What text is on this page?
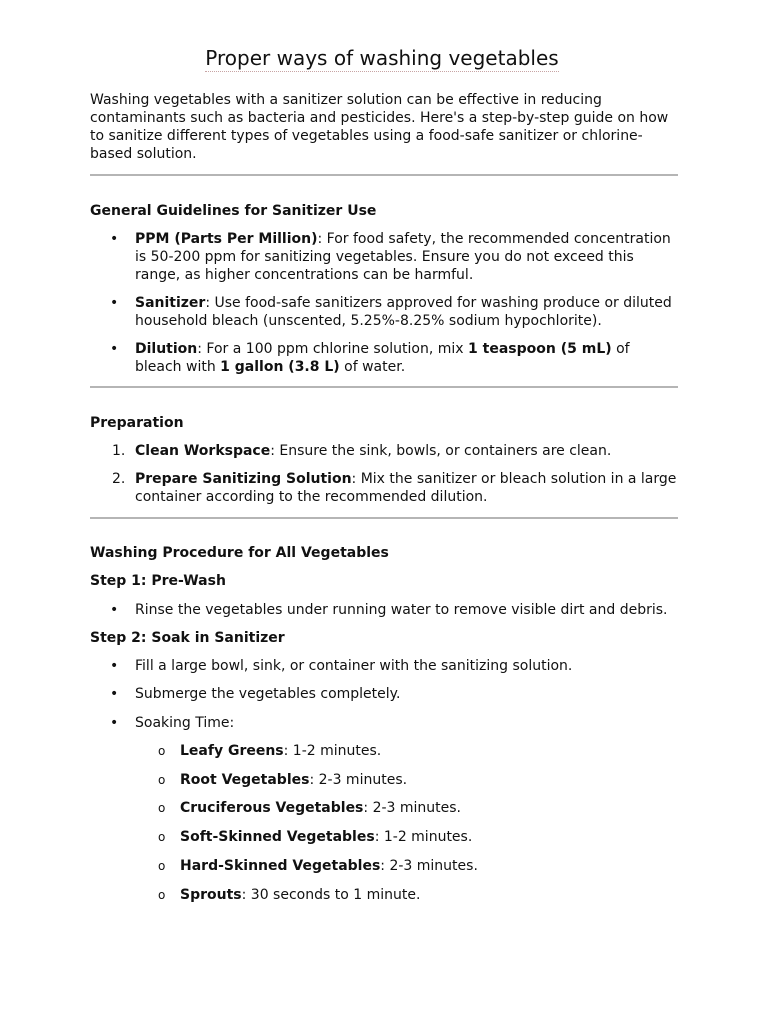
Proper ways of washing vegetables

Washing vegetables with a sanitizer solution can be effective in reducing contaminants such as bacteria and pesticides. Here's a step-by-step guide on how to sanitize different types of vegetables using a food-safe sanitizer or chlorine-based solution.

General Guidelines for Sanitizer Use
•	PPM (Parts Per Million): For food safety, the recommended concentration is 50-200 ppm for sanitizing vegetables. Ensure you do not exceed this range, as higher concentrations can be harmful.
•	Sanitizer: Use food-safe sanitizers approved for washing produce or diluted household bleach (unscented, 5.25%-8.25% sodium hypochlorite).
•	Dilution: For a 100 ppm chlorine solution, mix 1 teaspoon (5 mL) of bleach with 1 gallon (3.8 L) of water.
Preparation
1. Clean Workspace: Ensure the sink, bowls, or containers are clean.
2. Prepare Sanitizing Solution: Mix the sanitizer or bleach solution in a large container according to the recommended dilution.
Washing Procedure for All Vegetables
Step 1: Pre-Wash
•	Rinse the vegetables under running water to remove visible dirt and debris.
Step 2: Soak in Sanitizer
•	Fill a large bowl, sink, or container with the sanitizing solution.
•	Submerge the vegetables completely.
•	Soaking Time:
o	Leafy Greens: 1-2 minutes.
o	Root Vegetables: 2-3 minutes.
o	Cruciferous Vegetables: 2-3 minutes.
o	Soft-Skinned Vegetables: 1-2 minutes.
o	Hard-Skinned Vegetables: 2-3 minutes.
o	Sprouts: 30 seconds to 1 minute.
